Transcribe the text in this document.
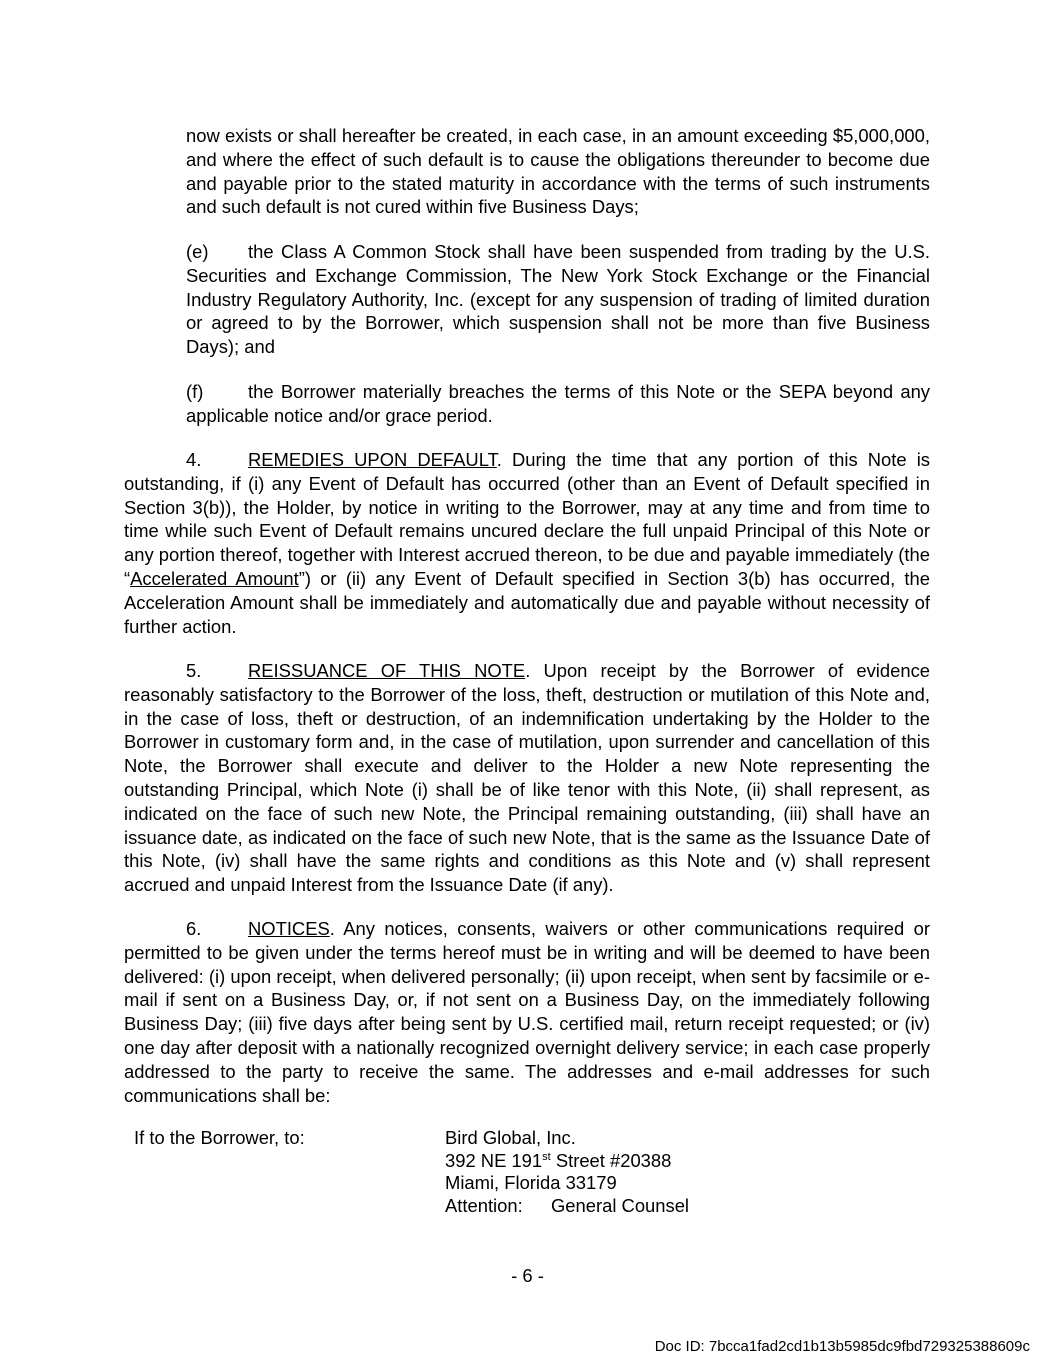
now exists or shall hereafter be created, in each case, in an amount exceeding $5,000,000, and where the effect of such default is to cause the obligations thereunder to become due and payable prior to the stated maturity in accordance with the terms of such instruments and such default is not cured within five Business Days;

(e) the Class A Common Stock shall have been suspended from trading by the U.S. Securities and Exchange Commission, The New York Stock Exchange or the Financial Industry Regulatory Authority, Inc. (except for any suspension of trading of limited duration or agreed to by the Borrower, which suspension shall not be more than five Business Days); and

(f) the Borrower materially breaches the terms of this Note or the SEPA beyond any applicable notice and/or grace period.

4.	REMEDIES UPON DEFAULT. During the time that any portion of this Note is outstanding, if (i) any Event of Default has occurred (other than an Event of Default specified in Section 3(b)), the Holder, by notice in writing to the Borrower, may at any time and from time to time while such Event of Default remains uncured declare the full unpaid Principal of this Note or any portion thereof, together with Interest accrued thereon, to be due and payable immediately (the “Accelerated Amount”) or (ii) any Event of Default specified in Section 3(b) has occurred, the Acceleration Amount shall be immediately and automatically due and payable without necessity of further action.

5.	REISSUANCE OF THIS NOTE. Upon receipt by the Borrower of evidence reasonably satisfactory to the Borrower of the loss, theft, destruction or mutilation of this Note and, in the case of loss, theft or destruction, of an indemnification undertaking by the Holder to the Borrower in customary form and, in the case of mutilation, upon surrender and cancellation of this Note, the Borrower shall execute and deliver to the Holder a new Note representing the outstanding Principal, which Note (i) shall be of like tenor with this Note, (ii) shall represent, as indicated on the face of such new Note, the Principal remaining outstanding, (iii) shall have an issuance date, as indicated on the face of such new Note, that is the same as the Issuance Date of this Note, (iv) shall have the same rights and conditions as this Note and (v) shall represent accrued and unpaid Interest from the Issuance Date (if any).

6.	NOTICES. Any notices, consents, waivers or other communications required or permitted to be given under the terms hereof must be in writing and will be deemed to have been delivered: (i) upon receipt, when delivered personally; (ii) upon receipt, when sent by facsimile or e-mail if sent on a Business Day, or, if not sent on a Business Day, on the immediately following Business Day; (iii) five days after being sent by U.S. certified mail, return receipt requested; or (iv) one day after deposit with a nationally recognized overnight delivery service; in each case properly addressed to the party to receive the same. The addresses and e-mail addresses for such communications shall be:

If to the Borrower, to:	Bird Global, Inc.
392 NE 191st Street #20388
Miami, Florida 33179
Attention: General Counsel
- 6 -
Doc ID: 7bcca1fad2cd1b13b5985dc9fbd729325388609c
